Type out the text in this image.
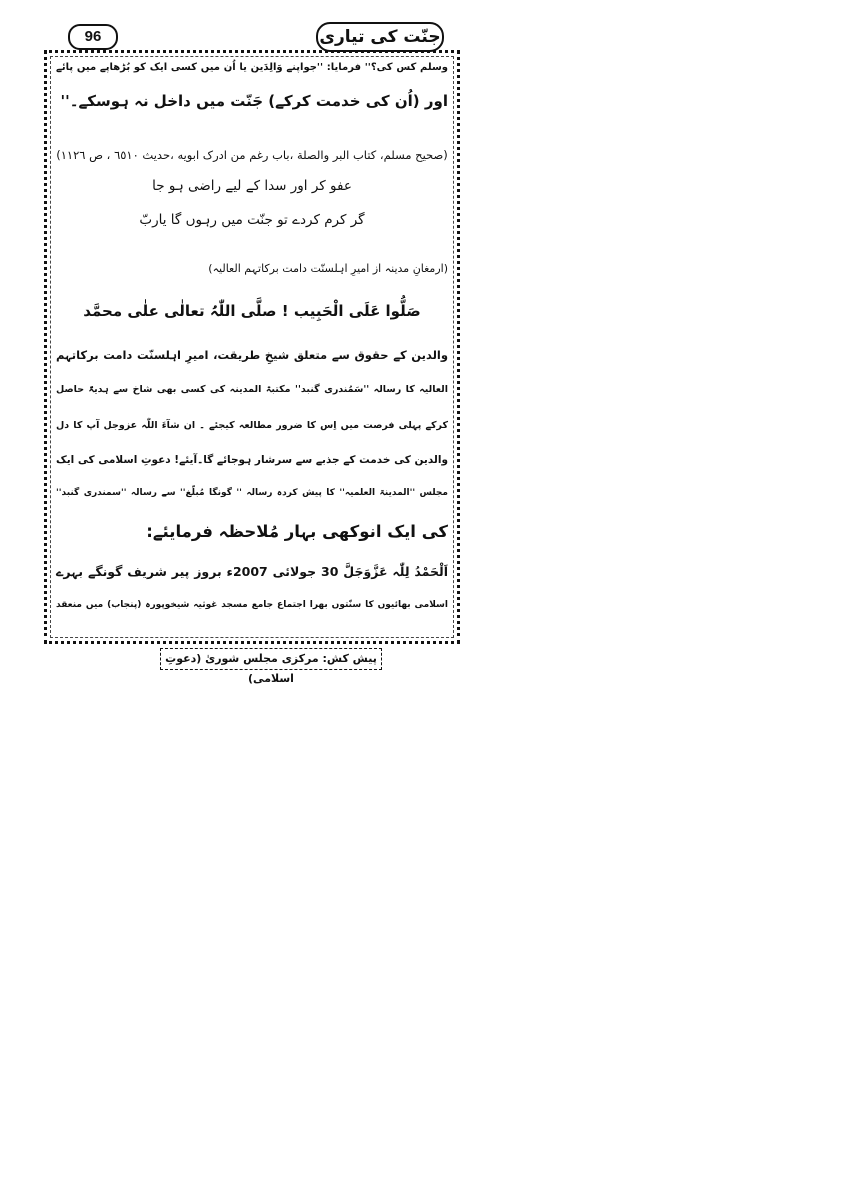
96	جنّت کی تیاری
وسلم کس کی؟'' فرمایا: ''جواپنے وَالِدَین یا اُن میں کسی ایک کو بُڑھاپے میں پائے
اور (اُن کی خدمت کرکے) جَنّت میں داخل نہ ہوسکے۔''
(صحیح مسلم، کتاب البر والصلة ،باب رغم من ادرک ابویه ،حدیث ٦٥١٠ ، ص ١١٢٦)
عفو کر اور سدا کے لیے راضی ہو جا
گر کرم کردے تو جنّت میں رہوں گا یاربّ
(ارمغانِ مدینہ از امیرِ اہلسنّت دامت برکاتہم العالیہ)
صَلُّوا عَلَی الْحَبِیب ! صلَّی اللّٰہُ تعالٰی علٰی محمَّد
والدین کے حقوق سے متعلق شیخِ طریقت، امیرِ اہلسنّت دامت برکاتہم
العالیہ کا رسالہ ''سَمُندری گنبد'' مکتبۃ المدینہ کی کسی بھی شاخ سے ہدیۃً حاصل
کرکے پہلی فرصت میں اِس کا ضرور مطالعہ کیجئے ۔ ان شآءَ اللّٰہ عزوجل آپ کا دل
والدین کی خدمت کے جذبے سے سرشار ہوجائے گا۔آیئے! دعوتِ اسلامی کی ایک
مجلس ''المدینۃ العلمیہ'' کا پیش کردہ رسالہ '' گونگا مُبلّغ'' سے رسالہ ''سمندری گنبد''
کی ایک انوکھی بہار مُلاحظہ فرمایئے:
اَلْحَمْدُ لِلّٰہ عَزَّوَجَلَّ 30 جولائی 2007ء بروز پیر شریف گونگے بہرے
اسلامی بھائیوں کا سنّتوں بھرا اجتماع جامع مسجد غوثیہ شیخوپورہ (پنجاب) میں منعقد
پیش کش: مرکزی مجلس شوریٰ (دعوتِ اسلامی)
